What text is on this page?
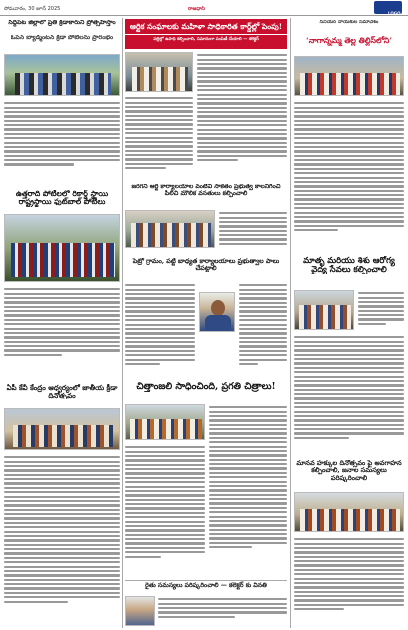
సోమవారం, 30 జూన్ 2025	రాజధాని
LOGO
సిద్దిపేట జిల్లాలో ప్రతి క్రీడాకారుని ప్రోత్సహిస్తాం
ఓపెన్‌ బ్యాడ్మింటన్‌ క్రీడా పోటీలను ప్రారంభం
ఉత్తరాది పోటీలలో రికార్డ్‌ స్థాయి రాష్ట్రస్థాయి ఫుట్‌బాల్‌ పోటీలు
ఏపీ కేవీ కేంద్రం ఆధ్వర్యంలో జాతీయ క్రీడా దినోత్సవం
ఆర్టిక సంఘాలకు మహిళా సాధికారిత కార్డ్‌ల్లో పెంపు!
పల్లెల్లో ఉపాధి కల్పించాలి, సమానంగా పంపిణీ చేయాలి — కలెక్టర్‌
జరగని ఆర్టీ కార్యాలయాల వంటివి సాకేతం ప్రభుత్వ కాలనీగించి పిలిచి మౌలిక వసతులు కల్పించాలి
పెట్రో గ్రామం, పట్టి బాధ్యత కార్యాలయాలు ప్రభుత్వాల పాలు చేపట్టాలి
చిత్తాంజలి సాధించింది, ప్రగతి చిత్రాలు!
రైతు సమస్యలు పరిష్కరించాలి — కలెక్టర్‌ కు వినతి
సీనియర్ నాయకుల సమావేశం
‘నాగాన్నమ్మ తెల్ల తిల్లిస్‌లోని’
మాతృ మరియు శిశు ఆరోగ్య వైద్య సేవలు కల్పించాలి
మానవ హక్కుల దినోత్సవం పై అవగాహన కల్పించాలి, జనాల సమస్యలు పరిష్కరించాలి
